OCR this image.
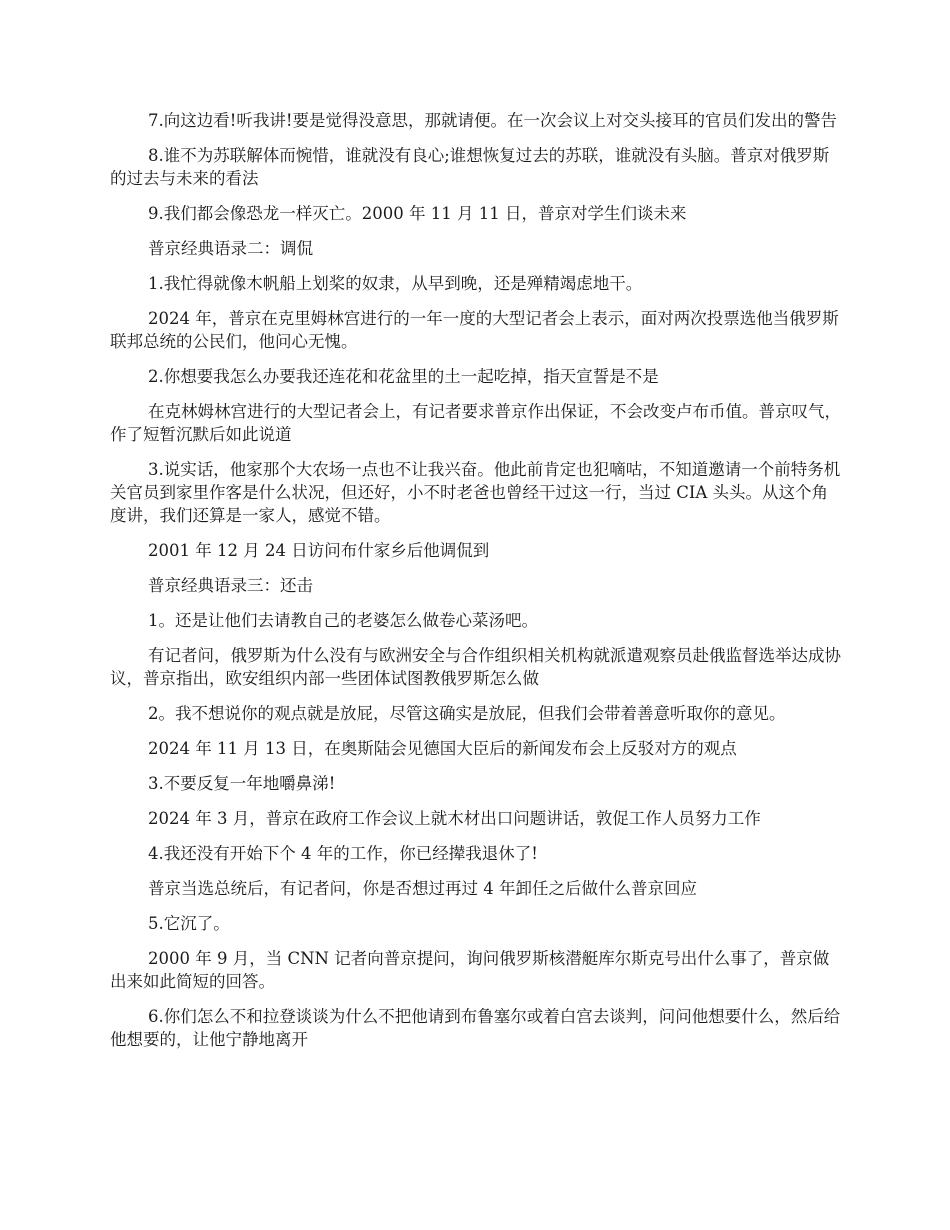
7.向这边看!听我讲!要是觉得没意思，那就请便。在一次会议上对交头接耳的官员们发出的警告

8.谁不为苏联解体而惋惜，谁就没有良心;谁想恢复过去的苏联，谁就没有头脑。普京对俄罗斯的过去与未来的看法

9.我们都会像恐龙一样灭亡。2000 年 11 月 11 日，普京对学生们谈未来

普京经典语录二：调侃

1.我忙得就像木帆船上划桨的奴隶，从早到晚，还是殚精竭虑地干。

2024 年，普京在克里姆林宫进行的一年一度的大型记者会上表示，面对两次投票选他当俄罗斯联邦总统的公民们，他问心无愧。

2.你想要我怎么办要我还连花和花盆里的土一起吃掉，指天宣誓是不是

在克林姆林宫进行的大型记者会上，有记者要求普京作出保证，不会改变卢布币值。普京叹气，作了短暂沉默后如此说道

3.说实话，他家那个大农场一点也不让我兴奋。他此前肯定也犯嘀咕，不知道邀请一个前特务机关官员到家里作客是什么状况，但还好，小不时老爸也曾经干过这一行，当过 CIA 头头。从这个角度讲，我们还算是一家人，感觉不错。

2001 年 12 月 24 日访问布什家乡后他调侃到

普京经典语录三：还击

1。还是让他们去请教自己的老婆怎么做卷心菜汤吧。

有记者问，俄罗斯为什么没有与欧洲安全与合作组织相关机构就派遣观察员赴俄监督选举达成协议，普京指出，欧安组织内部一些团体试图教俄罗斯怎么做

2。我不想说你的观点就是放屁，尽管这确实是放屁，但我们会带着善意听取你的意见。

2024 年 11 月 13 日，在奥斯陆会见德国大臣后的新闻发布会上反驳对方的观点

3.不要反复一年地嚼鼻涕!

2024 年 3 月，普京在政府工作会议上就木材出口问题讲话，敦促工作人员努力工作

4.我还没有开始下个 4 年的工作，你已经撵我退休了!

普京当选总统后，有记者问，你是否想过再过 4 年卸任之后做什么普京回应

5.它沉了。

2000 年 9 月，当 CNN 记者向普京提问，询问俄罗斯核潜艇库尔斯克号出什么事了，普京做出来如此简短的回答。

6.你们怎么不和拉登谈谈为什么不把他请到布鲁塞尔或着白宫去谈判，问问他想要什么，然后给他想要的，让他宁静地离开
